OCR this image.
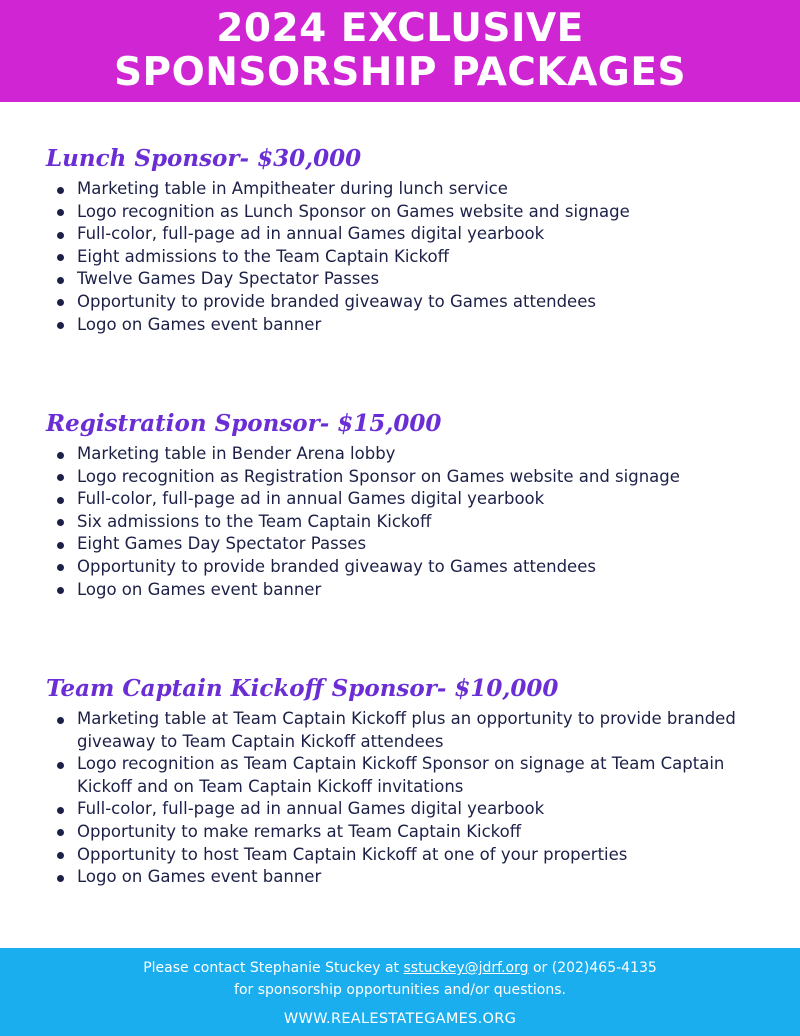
2024 EXCLUSIVE
SPONSORSHIP PACKAGES
Lunch Sponsor- $30,000
Marketing table in Ampitheater during lunch service
Logo recognition as Lunch Sponsor on Games website and signage
Full-color, full-page ad in annual Games digital yearbook
Eight admissions to the Team Captain Kickoff
Twelve Games Day Spectator Passes
Opportunity to provide branded giveaway to Games attendees
Logo on Games event banner
Registration Sponsor- $15,000
Marketing table in Bender Arena lobby
Logo recognition as Registration Sponsor on Games website and signage
Full-color, full-page ad in annual Games digital yearbook
Six admissions to the Team Captain Kickoff
Eight Games Day Spectator Passes
Opportunity to provide branded giveaway to Games attendees
Logo on Games event banner
Team Captain Kickoff Sponsor- $10,000
Marketing table at Team Captain Kickoff plus an opportunity to provide branded giveaway to Team Captain Kickoff attendees
Logo recognition as Team Captain Kickoff Sponsor on signage at Team Captain Kickoff and on Team Captain Kickoff invitations
Full-color, full-page ad in annual Games digital yearbook
Opportunity to make remarks at Team Captain Kickoff
Opportunity to host Team Captain Kickoff at one of your properties
Logo on Games event banner
Please contact Stephanie Stuckey at sstuckey@jdrf.org or (202)465-4135
for sponsorship opportunities and/or questions.
WWW.REALESTATEGAMES.ORG
